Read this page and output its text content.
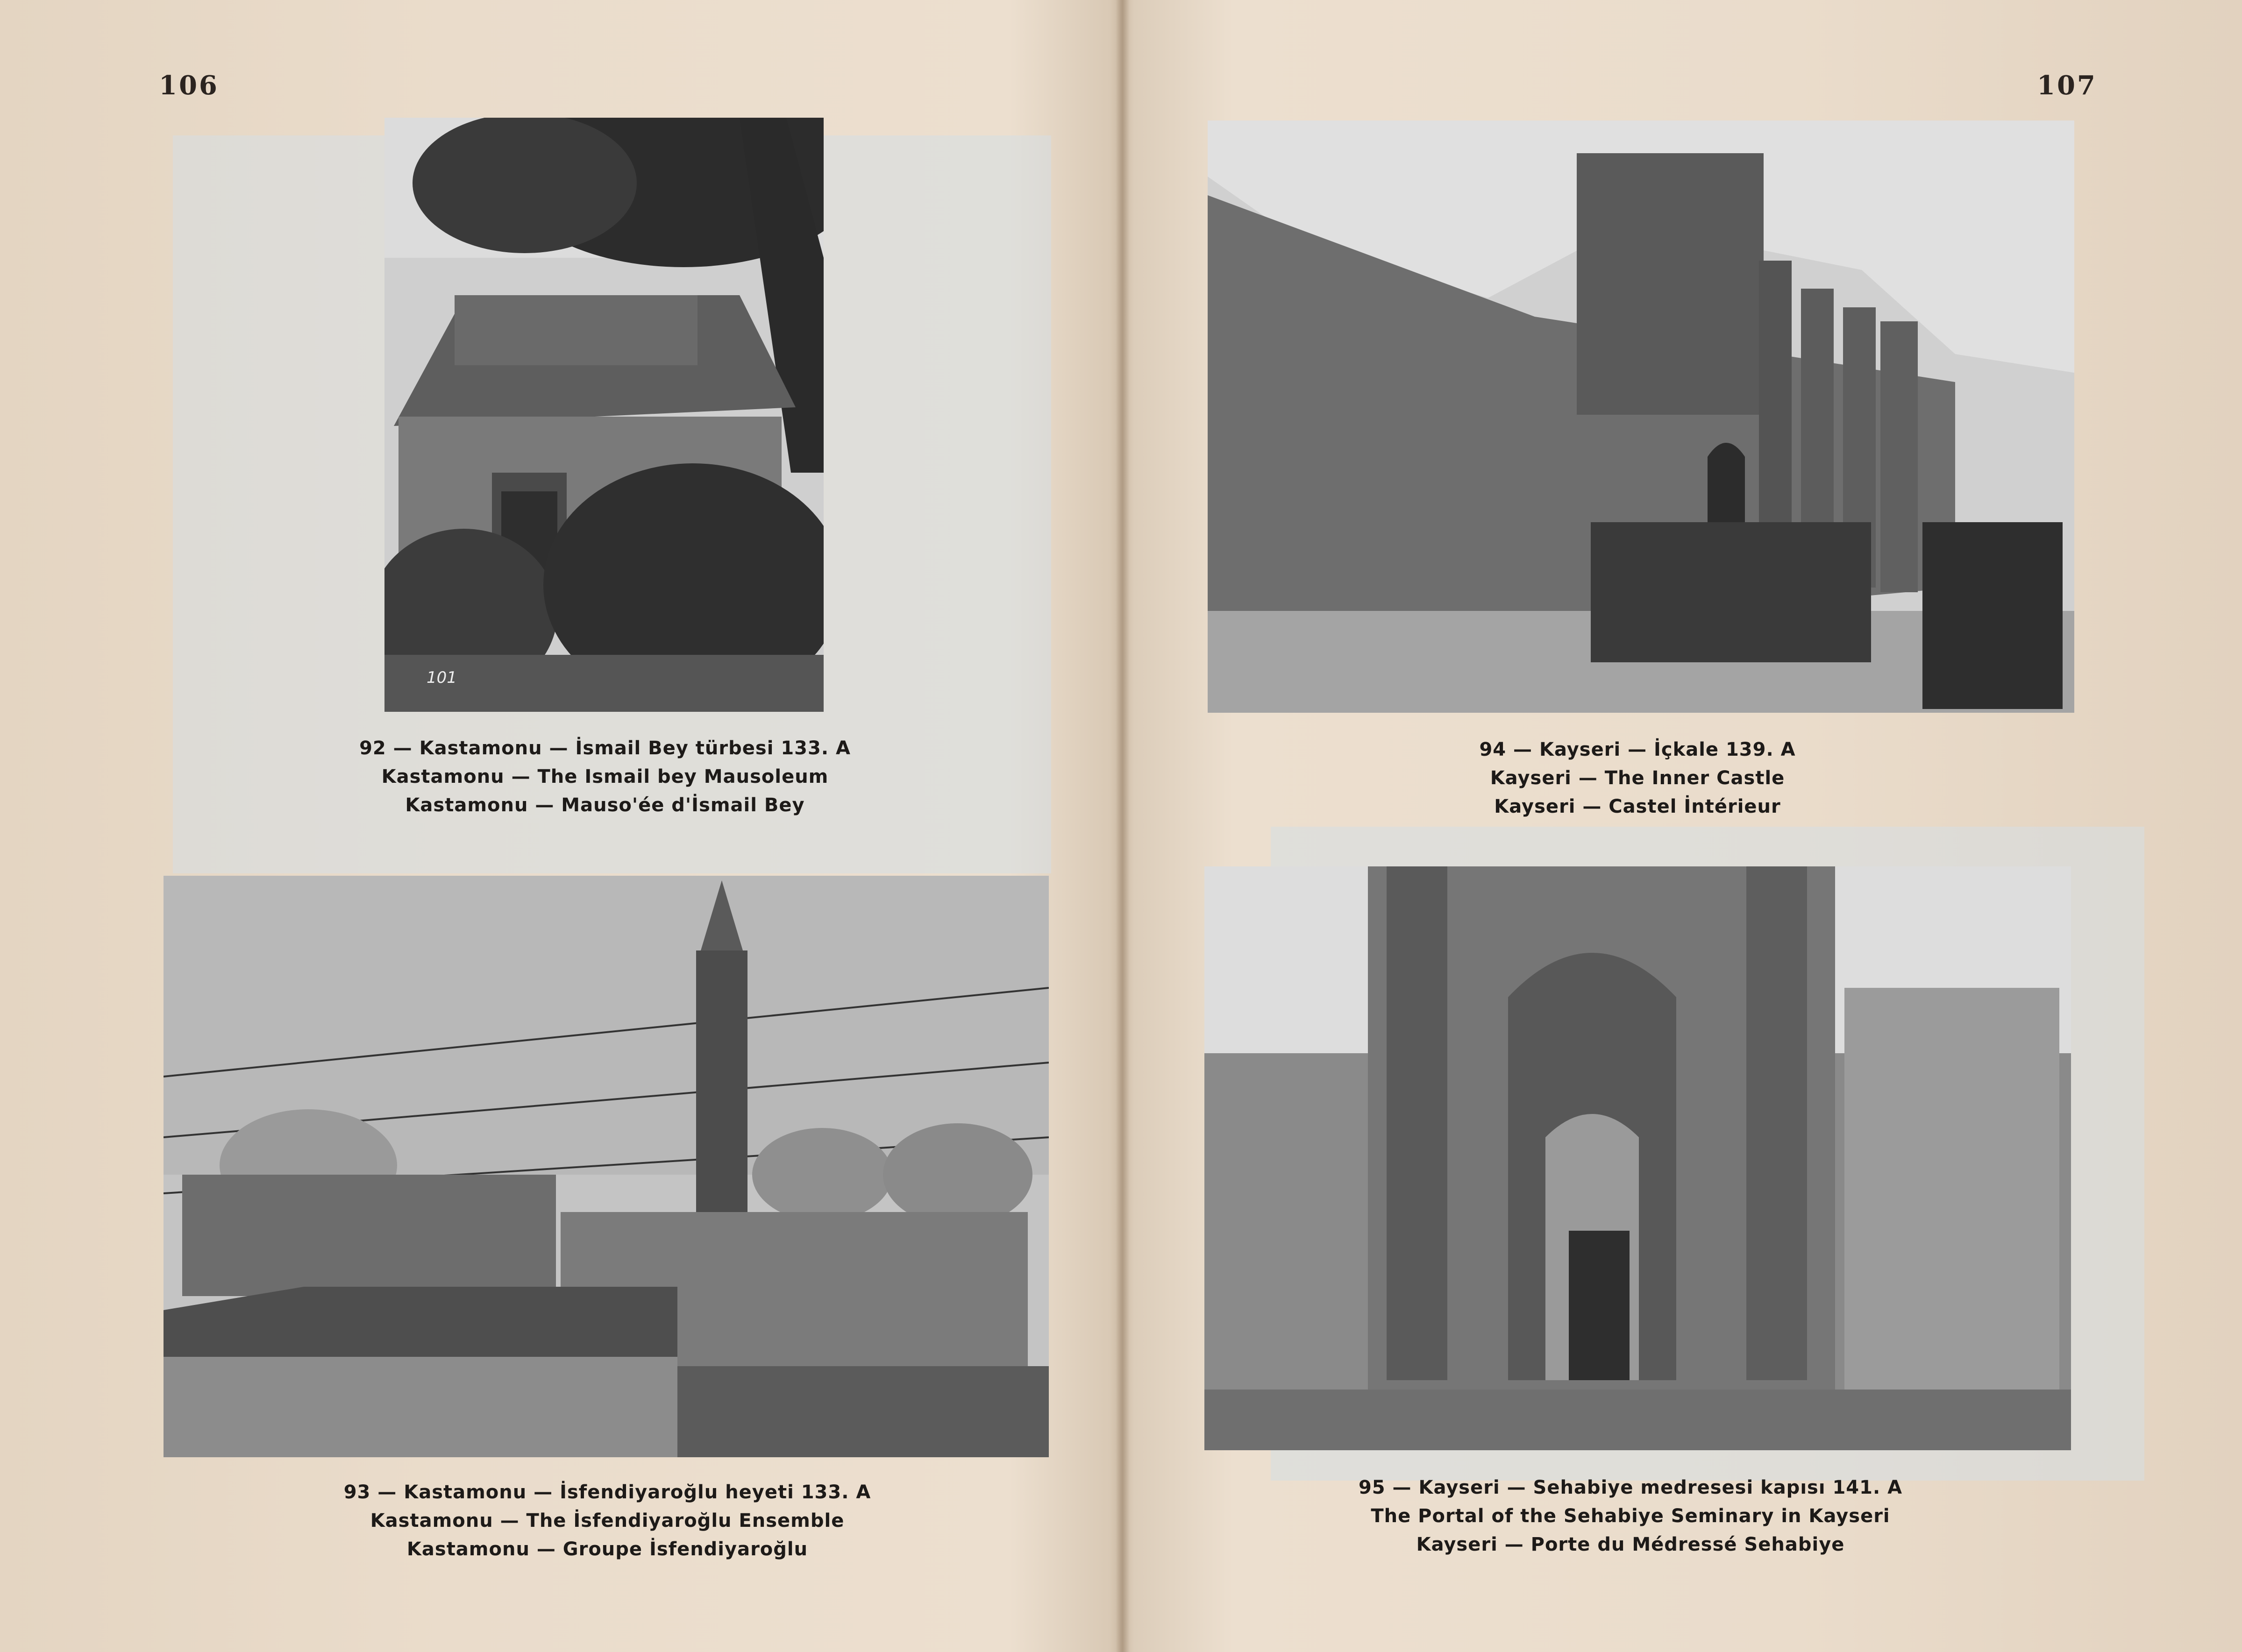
106	107
101
92 — Kastamonu — İsmail Bey türbesi 133. A
Kastamonu — The Ismail bey Mausoleum
Kastamonu — Mauso'ée d'İsmail Bey
93 — Kastamonu — İsfendiyaroğlu heyeti 133. A
Kastamonu — The İsfendiyaroğlu Ensemble
Kastamonu — Groupe İsfendiyaroğlu
94 — Kayseri — İçkale 139. A
Kayseri — The Inner Castle
Kayseri — Castel İntérieur
95 — Kayseri — Sehabiye medresesi kapısı 141. A
The Portal of the Sehabiye Seminary in Kayseri
Kayseri — Porte du Médressé Sehabiye
